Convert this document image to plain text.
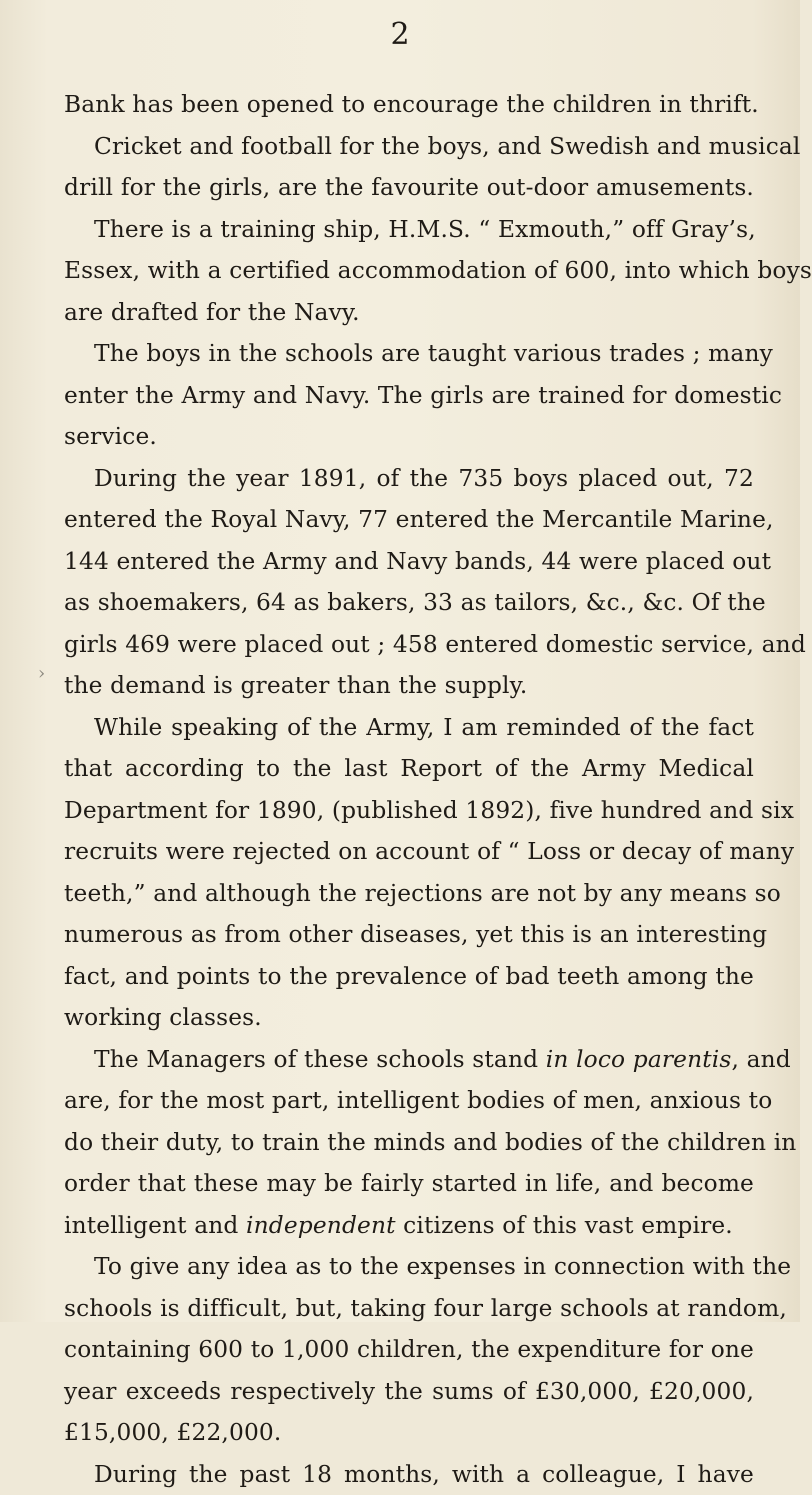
2
›
Bank has been opened to encourage the children in thrift.
Cricket and football for the boys, and Swedish and musical
drill for the girls, are the favourite out-door amusements.
There is a training ship, H.M.S. “ Exmouth,” off Gray’s,
Essex, with a certified accommodation of 600, into which boys
are drafted for the Navy.
The boys in the schools are taught various trades ; many
enter the Army and Navy. The girls are trained for domestic
service.
During the year 1891, of the 735 boys placed out, 72
entered the Royal Navy, 77 entered the Mercantile Marine,
144 entered the Army and Navy bands, 44 were placed out
as shoemakers, 64 as bakers, 33 as tailors, &c., &c. Of the
girls 469 were placed out ; 458 entered domestic service, and
the demand is greater than the supply.
While speaking of the Army, I am reminded of the fact
that according to the last Report of the Army Medical
Department for 1890, (published 1892), five hundred and six
recruits were rejected on account of “ Loss or decay of many
teeth,” and although the rejections are not by any means so
numerous as from other diseases, yet this is an interesting
fact, and points to the prevalence of bad teeth among the
working classes.
The Managers of these schools stand in loco parentis, and
are, for the most part, intelligent bodies of men, anxious to
do their duty, to train the minds and bodies of the children in
order that these may be fairly started in life, and become
intelligent and independent citizens of this vast empire.
To give any idea as to the expenses in connection with the
schools is difficult, but, taking four large schools at random,
containing 600 to 1,000 children, the expenditure for one
year exceeds respectively the sums of £30,000, £20,000,
£15,000, £22,000.
During the past 18 months, with a colleague, I have
